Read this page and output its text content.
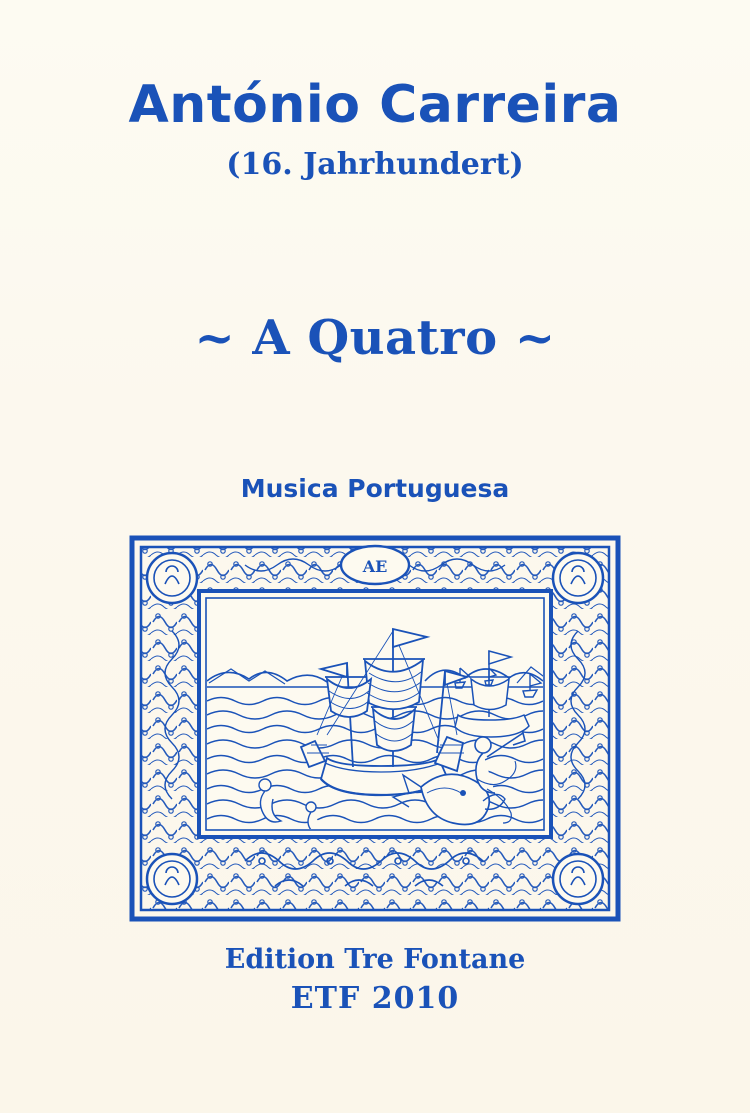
António Carreira
(16. Jahrhundert)
~ A Quatro ~
Musica Portuguesa
AE
Edition Tre Fontane
ETF 2010
